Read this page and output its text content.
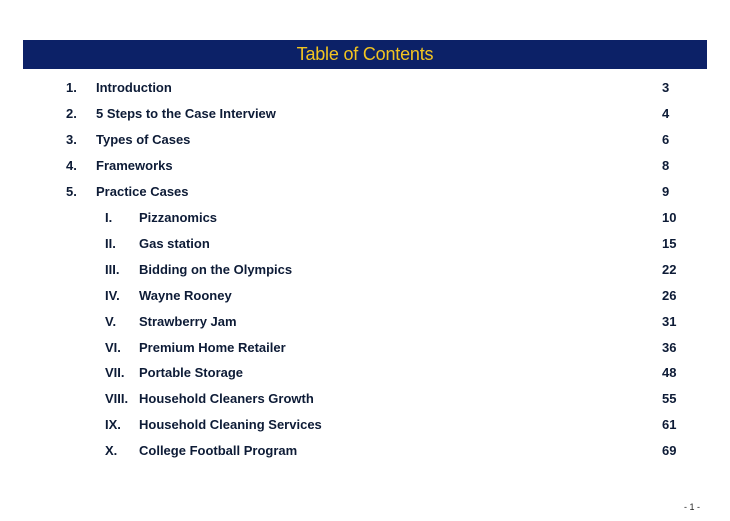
Table of Contents
1. Introduction	3
2. 5 Steps to the Case Interview	4
3. Types of Cases	6
4. Frameworks	8
5. Practice Cases	9
I. Pizzanomics	10
II. Gas station	15
III. Bidding on the Olympics	22
IV. Wayne Rooney	26
V. Strawberry Jam	31
VI. Premium Home Retailer	36
VII. Portable Storage	48
VIII. Household Cleaners Growth	55
IX. Household Cleaning Services	61
X. College Football Program	69
- 1 -
